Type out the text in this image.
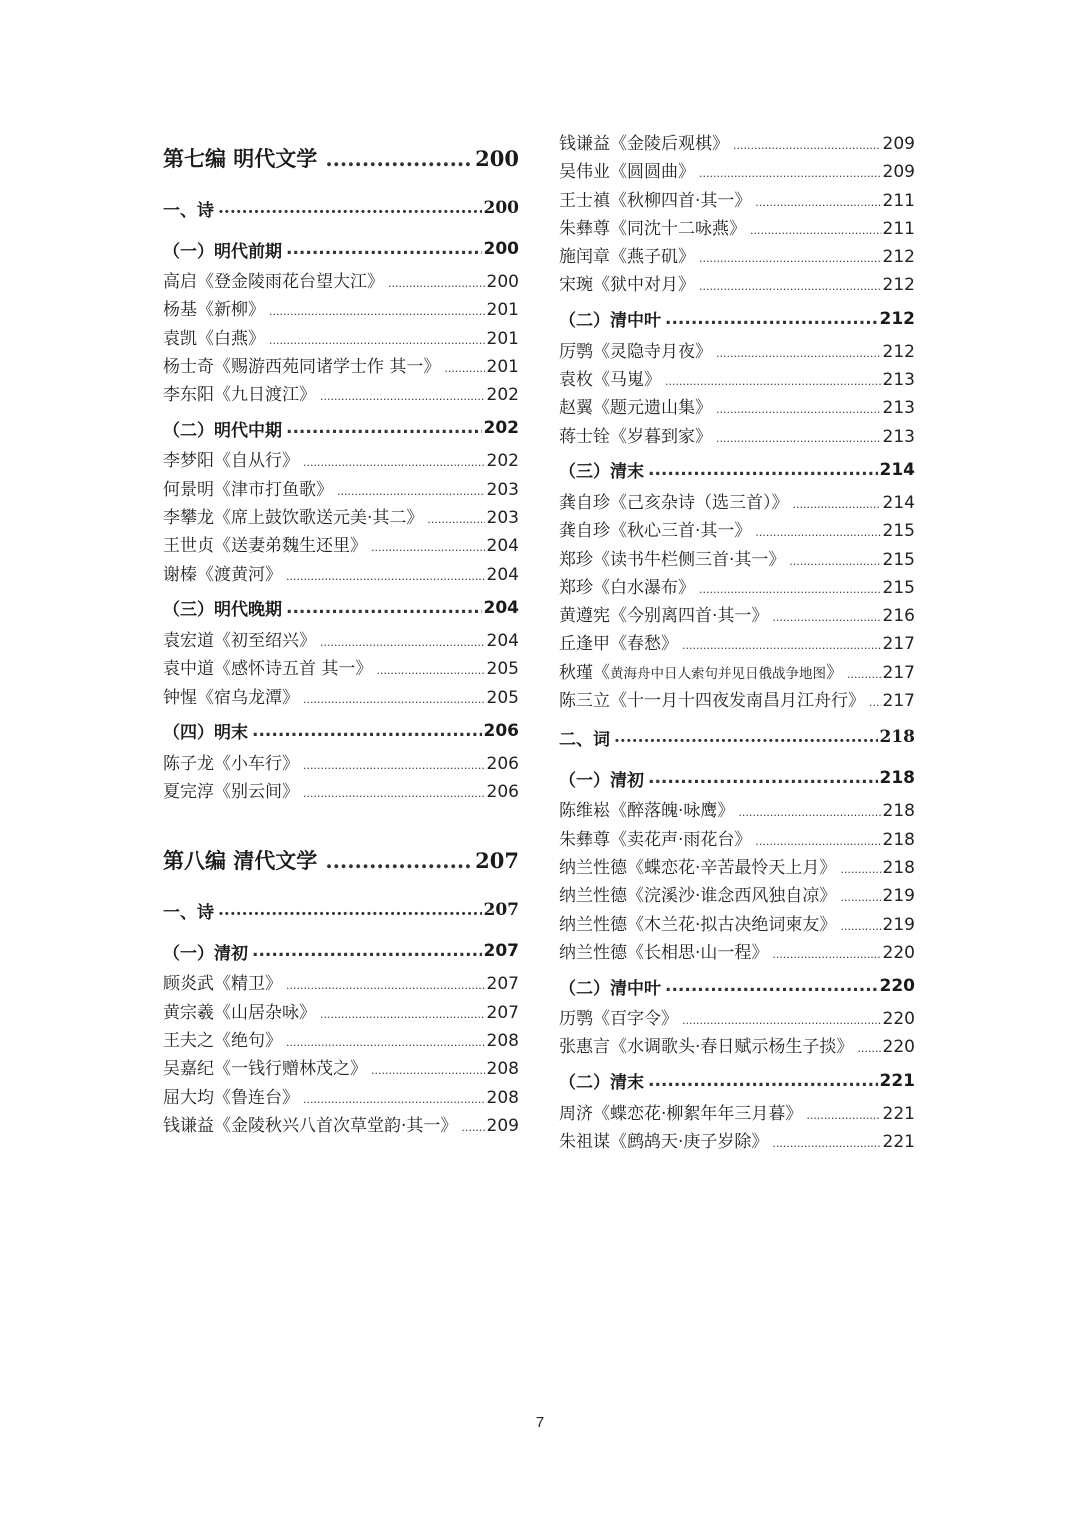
第七编 明代文学 .....	200
一、诗 .....	200
（一）明代前期 .....	200
高启《登金陵雨花台望大江》 .....	200
杨基《新柳》 .....	201
袁凯《白燕》 .....	201
杨士奇《赐游西苑同诸学士作 其一》 .....	201
李东阳《九日渡江》 .....	202
（二）明代中期 .....	202
李梦阳《自从行》 .....	202
何景明《津市打鱼歌》 .....	203
李攀龙《席上鼓饮歌送元美·其二》 .....	203
王世贞《送妻弟魏生还里》 .....	204
谢榛《渡黄河》 .....	204
（三）明代晚期 .....	204
袁宏道《初至绍兴》 .....	204
袁中道《感怀诗五首 其一》 .....	205
钟惺《宿乌龙潭》 .....	205
（四）明末 .....	206
陈子龙《小车行》 .....	206
夏完淳《别云间》 .....	206
第八编 清代文学 .....	207
一、诗 .....	207
（一）清初 .....	207
顾炎武《精卫》 .....	207
黄宗羲《山居杂咏》 .....	207
王夫之《绝句》 .....	208
吴嘉纪《一钱行赠林茂之》 .....	208
屈大均《鲁连台》 .....	208
钱谦益《金陵秋兴八首次草堂韵·其一》 ..... 209
钱谦益《金陵后观棋》 .....	209
吴伟业《圆圆曲》 .....	209
王士禛《秋柳四首·其一》 .....	211
朱彝尊《同沈十二咏燕》 .....	211
施闰章《燕子矶》 .....	212
宋琬《狱中对月》 .....	212
（二）清中叶 .....	212
厉鹗《灵隐寺月夜》 .....	212
袁枚《马嵬》 .....	213
赵翼《题元遗山集》 .....	213
蒋士铨《岁暮到家》 .....	213
（三）清末 .....	214
龚自珍《己亥杂诗（选三首）》 .....	214
龚自珍《秋心三首·其一》 .....	215
郑珍《读书牛栏侧三首·其一》 .....	215
郑珍《白水瀑布》 .....	215
黄遵宪《今别离四首·其一》 .....	216
丘逢甲《春愁》 .....	217
秋瑾《黄海舟中日人索句并见日俄战争地图》 ..... 217
陈三立《十一月十四夜发南昌月江舟行》 ..... 217
二、词 .....	218
（一）清初 .....	218
陈维崧《醉落魄·咏鹰》 .....	218
朱彝尊《卖花声·雨花台》 .....	218
纳兰性德《蝶恋花·辛苦最怜天上月》 .....	218
纳兰性德《浣溪沙·谁念西风独自凉》 .....	219
纳兰性德《木兰花·拟古决绝词柬友》 .....	219
纳兰性德《长相思·山一程》 .....	220
（二）清中叶 .....	220
历鹗《百字令》 .....	220
张惠言《水调歌头·春日赋示杨生子掞》 ..... 220
（二）清末 .....	221
周济《蝶恋花·柳絮年年三月暮》 .....	221
朱祖谋《鹧鸪天·庚子岁除》 .....	221
7
